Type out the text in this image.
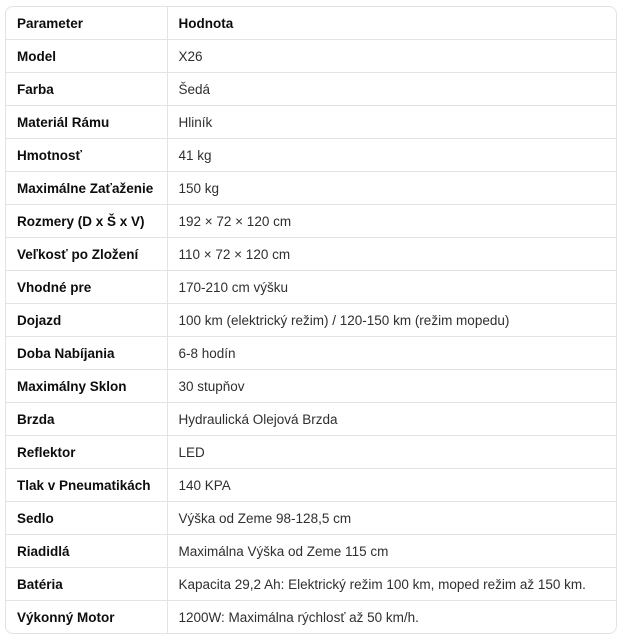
Parameter	Hodnota
Model	X26
Farba	Šedá
Materiál Rámu	Hliník
Hmotnosť	41 kg
Maximálne Zaťaženie	150 kg
Rozmery (D x Š x V)	192 × 72 × 120 cm
Veľkosť po Zložení	110 × 72 × 120 cm
Vhodné pre	170-210 cm výšku
Dojazd	100 km (elektrický režim) / 120-150 km (režim mopedu)
Doba Nabíjania	6-8 hodín
Maximálny Sklon	30 stupňov
Brzda	Hydraulická Olejová Brzda
Reflektor	LED
Tlak v Pneumatikách	140 KPA
Sedlo	Výška od Zeme 98-128,5 cm
Riadidlá	Maximálna Výška od Zeme 115 cm
Batéria	Kapacita 29,2 Ah: Elektrický režim 100 km, moped režim až 150 km.
Výkonný Motor	1200W: Maximálna rýchlosť až 50 km/h.
